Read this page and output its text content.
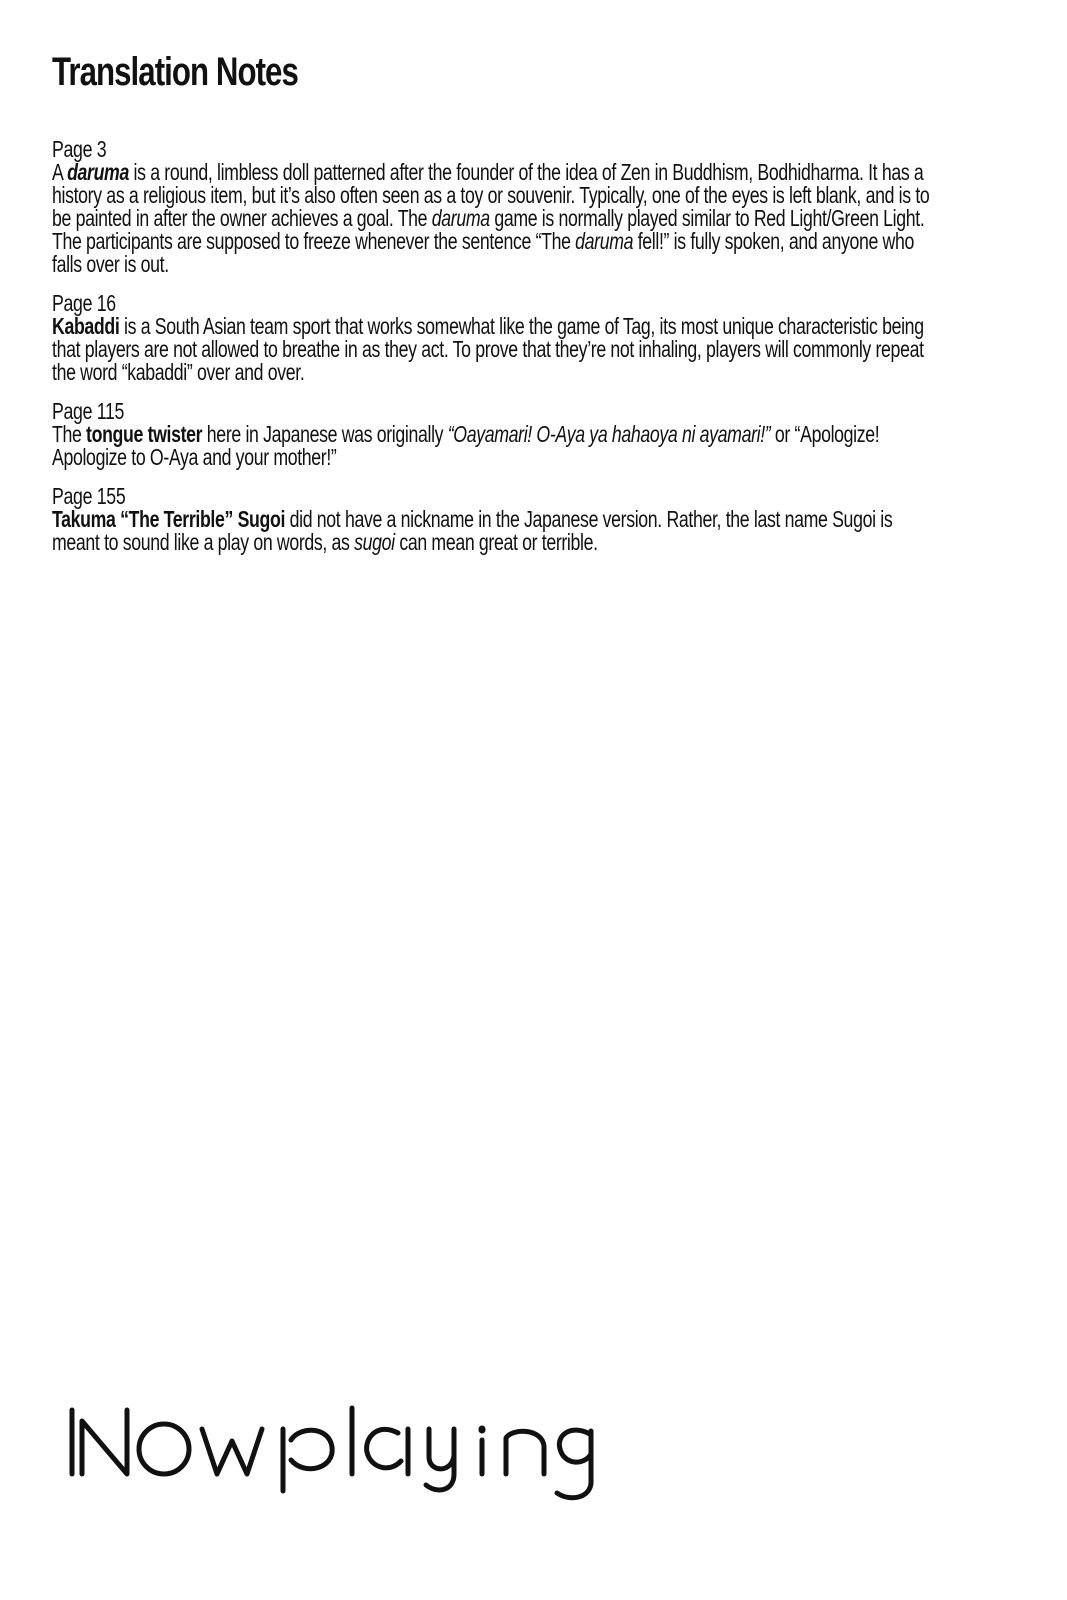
Translation Notes
Page 3

A daruma is a round, limbless doll patterned after the founder of the idea of Zen in Buddhism, Bodhidharma. It has a history as a religious item, but it’s also often seen as a toy or souvenir. Typically, one of the eyes is left blank, and is to be painted in after the owner achieves a goal. The daruma game is normally played similar to Red Light/Green Light. The participants are supposed to freeze whenever the sentence “The daruma fell!” is fully spoken, and anyone who falls over is out.

Page 16

Kabaddi is a South Asian team sport that works somewhat like the game of Tag, its most unique characteristic being that players are not allowed to breathe in as they act. To prove that they’re not inhaling, players will commonly repeat the word “kabaddi” over and over.

Page 115

The tongue twister here in Japanese was originally “Oayamari! O-Aya ya hahaoya ni ayamari!” or “Apologize! Apologize to O-Aya and your mother!”

Page 155

Takuma “The Terrible” Sugoi did not have a nickname in the Japanese version. Rather, the last name Sugoi is meant to sound like a play on words, as sugoi can mean great or terrible.
